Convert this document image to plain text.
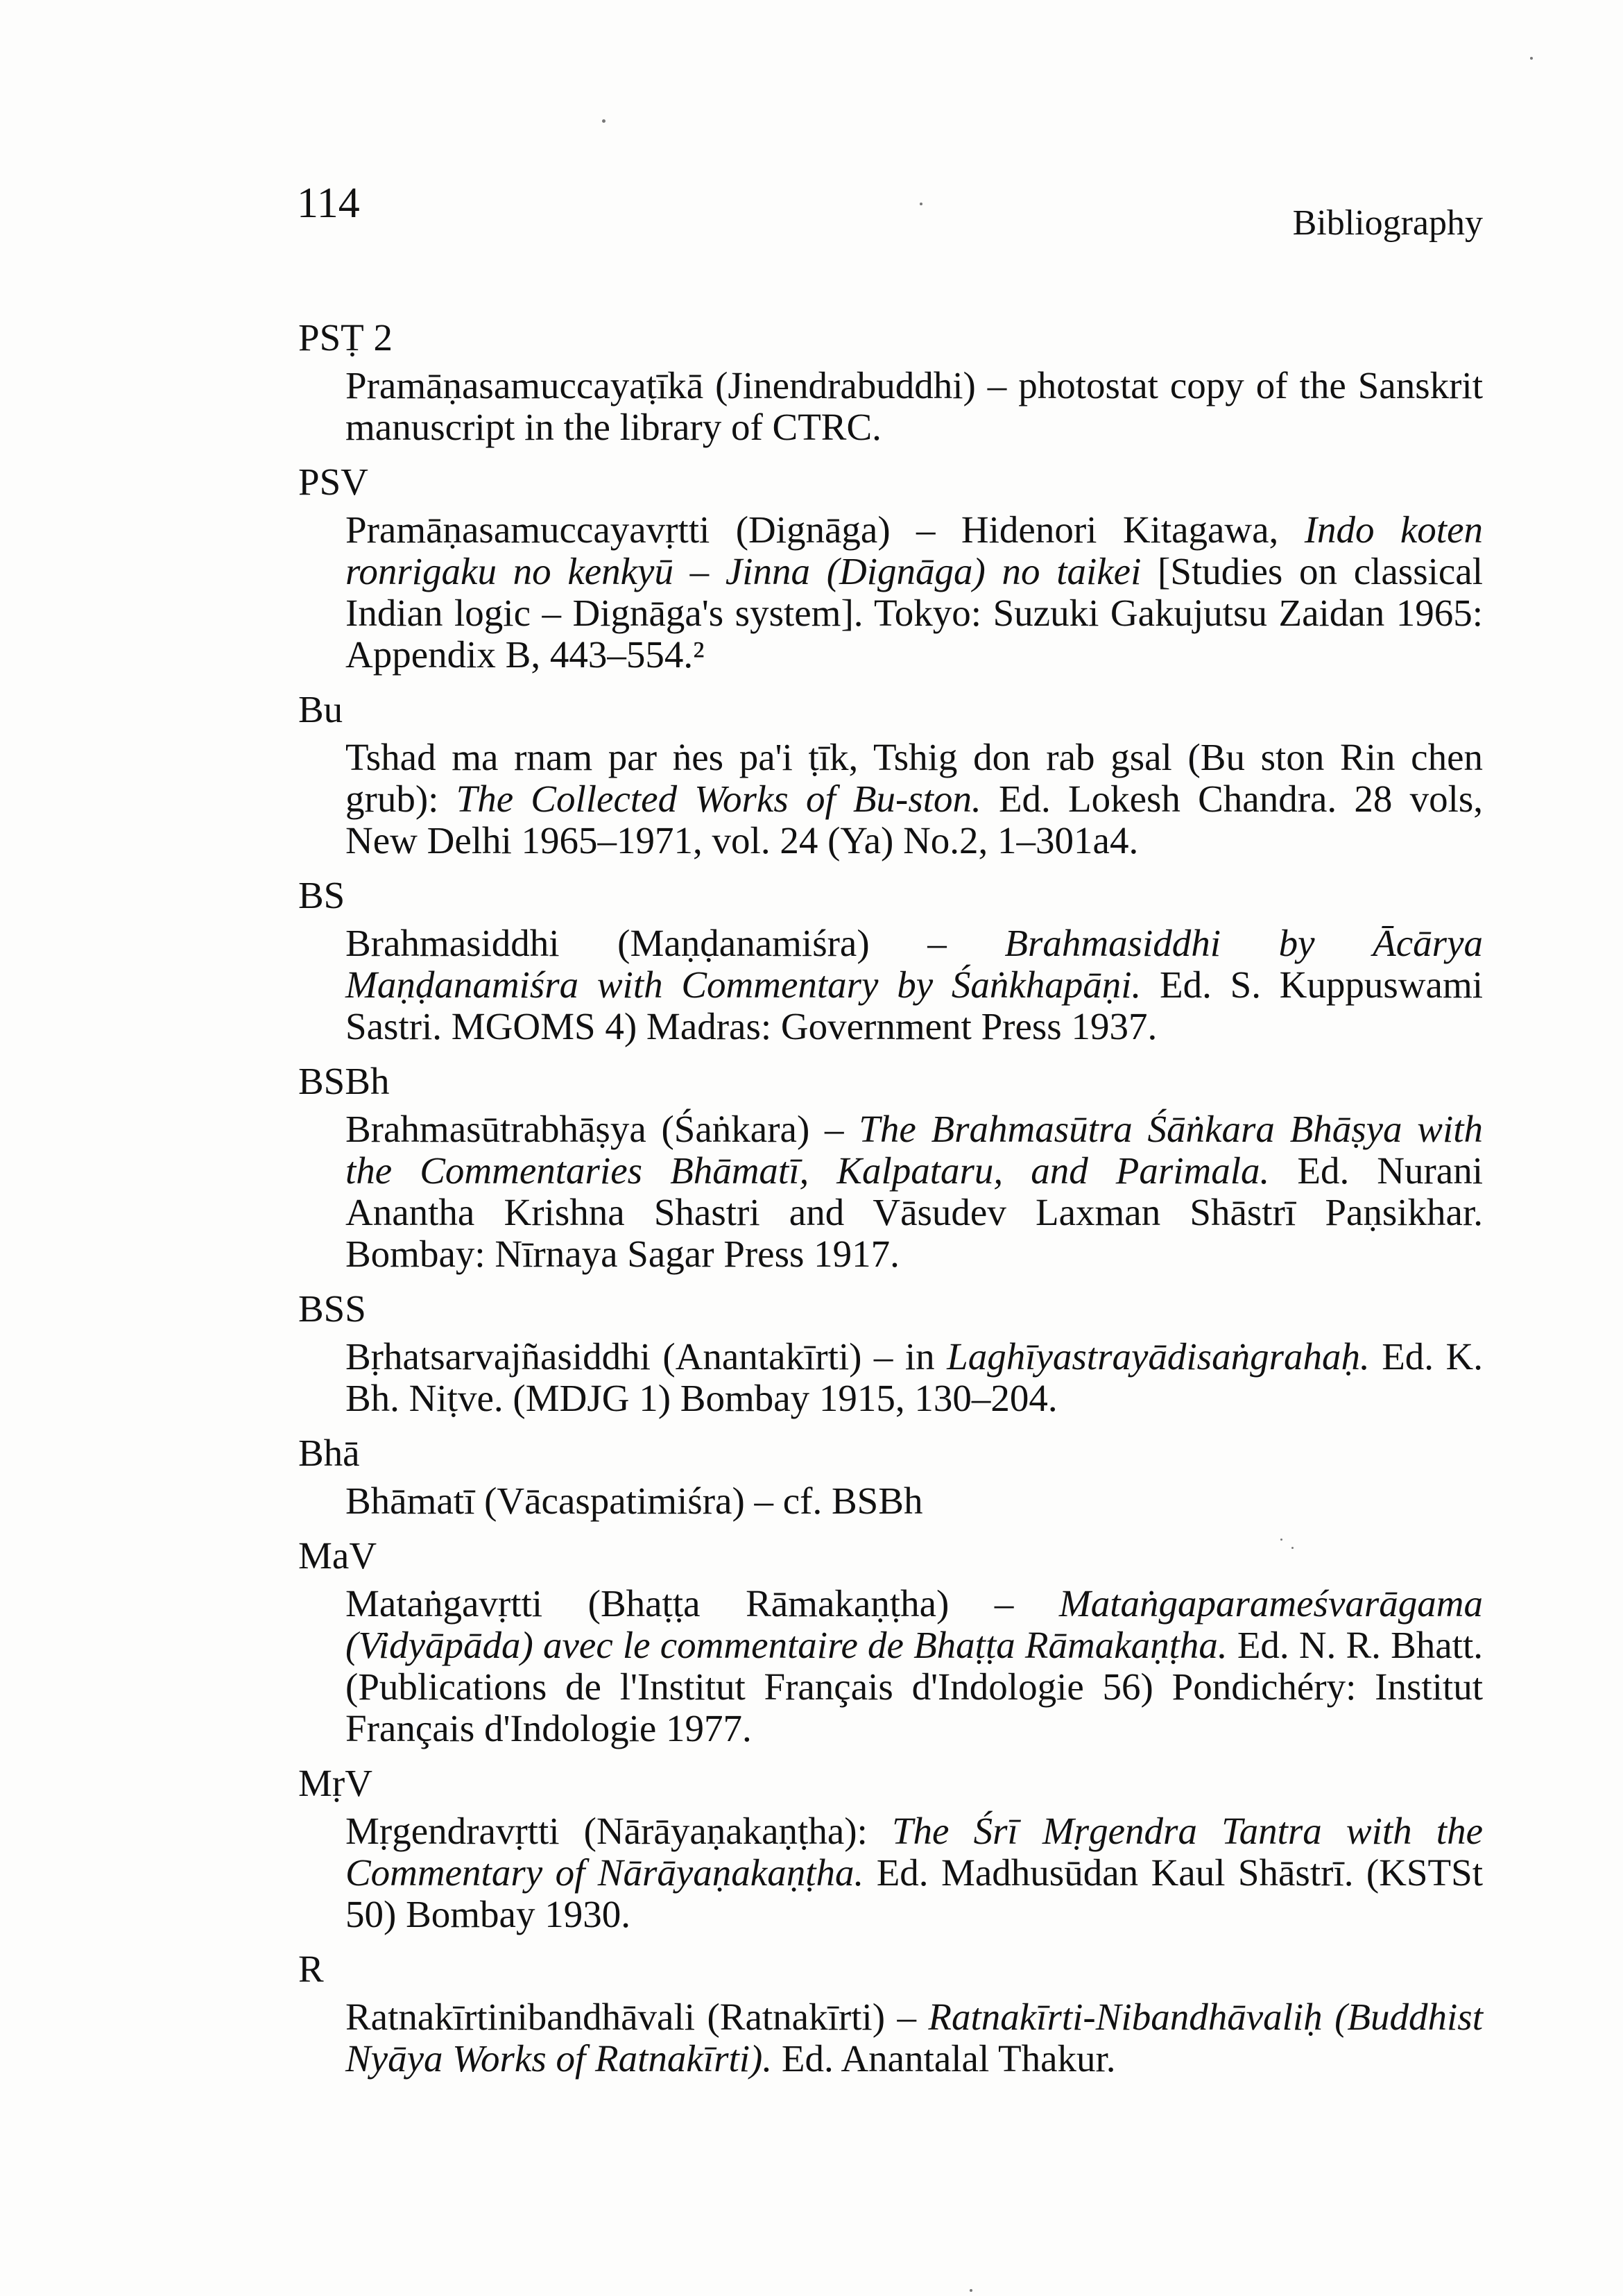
114	Bibliography
PSṬ 2
Pramāṇasamuccayaṭīkā (Jinendrabuddhi) – photostat copy of the Sanskrit manuscript in the library of CTRC.
PSV
Pramāṇasamuccayavṛtti (Dignāga) – Hidenori Kitagawa, Indo koten ronrigaku no kenkyū – Jinna (Dignāga) no taikei [Studies on classical Indian logic – Dignāga's system]. Tokyo: Suzuki Gakujutsu Zaidan 1965: Appendix B, 443–554.²
Bu
Tshad ma rnam par ṅes pa'i ṭīk, Tshig don rab gsal (Bu ston Rin chen grub): The Collected Works of Bu-ston. Ed. Lokesh Chandra. 28 vols, New Delhi 1965–1971, vol. 24 (Ya) No.2, 1–301a4.
BS
Brahmasiddhi (Maṇḍanamiśra) – Brahmasiddhi by Ācārya Maṇḍanamiśra with Commentary by Śaṅkhapāṇi. Ed. S. Kuppuswami Sastri. MGOMS 4) Madras: Government Press 1937.
BSBh
Brahmasūtrabhāṣya (Śaṅkara) – The Brahmasūtra Śāṅkara Bhāṣya with the Commentaries Bhāmatī, Kalpataru, and Parimala. Ed. Nurani Anantha Krishna Shastri and Vāsudev Laxman Shāstrī Paṇsikhar. Bombay: Nīrnaya Sagar Press 1917.
BSS
Bṛhatsarvajñasiddhi (Anantakīrti) – in Laghīyastrayādisaṅgrahaḥ. Ed. K. Bh. Niṭve. (MDJG 1) Bombay 1915, 130–204.
Bhā
Bhāmatī (Vācaspatimiśra) – cf. BSBh
MaV
Mataṅgavṛtti (Bhaṭṭa Rāmakaṇṭha) – Mataṅgaparameśvarāgama (Vidyāpāda) avec le commentaire de Bhaṭṭa Rāmakaṇṭha. Ed. N. R. Bhatt. (Publications de l'Institut Français d'Indologie 56) Pondichéry: Institut Français d'Indologie 1977.
MṛV
Mṛgendravṛtti (Nārāyaṇakaṇṭha): The Śrī Mṛgendra Tantra with the Commentary of Nārāyaṇakaṇṭha. Ed. Madhusūdan Kaul Shāstrī. (KSTSt 50) Bombay 1930.
R
Ratnakīrtinibandhāvali (Ratnakīrti) – Ratnakīrti-Nibandhāvaliḥ (Buddhist Nyāya Works of Ratnakīrti). Ed. Anantalal Thakur.
